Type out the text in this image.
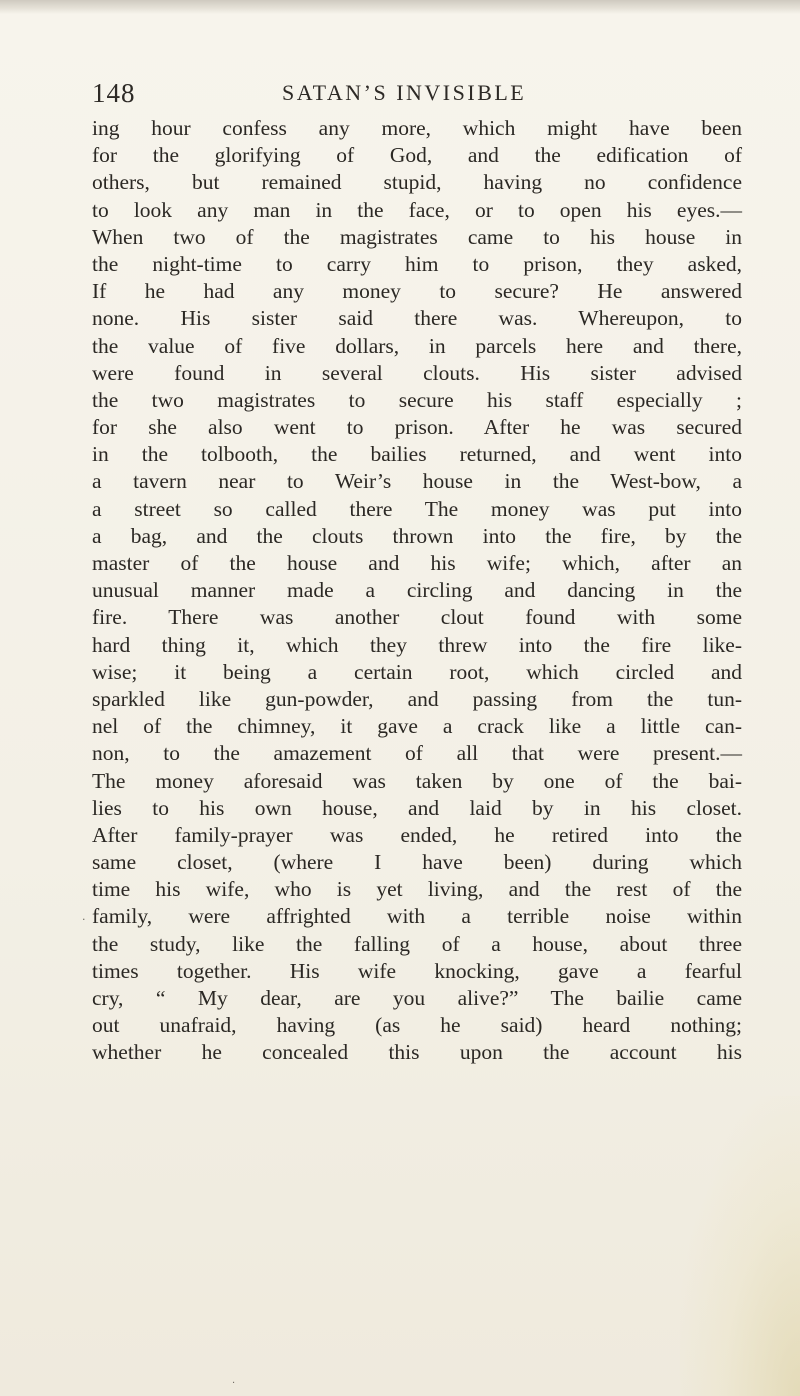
148	SATAN’S INVISIBLE
ing hour confess any more, which might have been
for the glorifying of God, and the edification of
others, but remained stupid, having no confidence
to look any man in the face, or to open his eyes.—
When two of the magistrates came to his house in
the night-time to carry him to prison, they asked,
If he had any money to secure? He answered
none. His sister said there was. Whereupon, to
the value of five dollars, in parcels here and there,
were found in several clouts. His sister advised
the two magistrates to secure his staff especially ;
for she also went to prison. After he was secured
in the tolbooth, the bailies returned, and went into
a tavern near to Weir’s house in the West-bow, a
a street so called there The money was put into
a bag, and the clouts thrown into the fire, by the
master of the house and his wife; which, after an
unusual manner made a circling and dancing in the
fire. There was another clout found with some
hard thing it, which they threw into the fire like-
wise; it being a certain root, which circled and
sparkled like gun-powder, and passing from the tun-
nel of the chimney, it gave a crack like a little can-
non, to the amazement of all that were present.—
The money aforesaid was taken by one of the bai-
lies to his own house, and laid by in his closet.
After family-prayer was ended, he retired into the
same closet, (where I have been) during which
time his wife, who is yet living, and the rest of the
family, were affrighted with a terrible noise within
the study, like the falling of a house, about three
times together. His wife knocking, gave a fearful
cry, “ My dear, are you alive?” The bailie came
out unafraid, having (as he said) heard nothing;
whether he concealed this upon the account his
·
·
